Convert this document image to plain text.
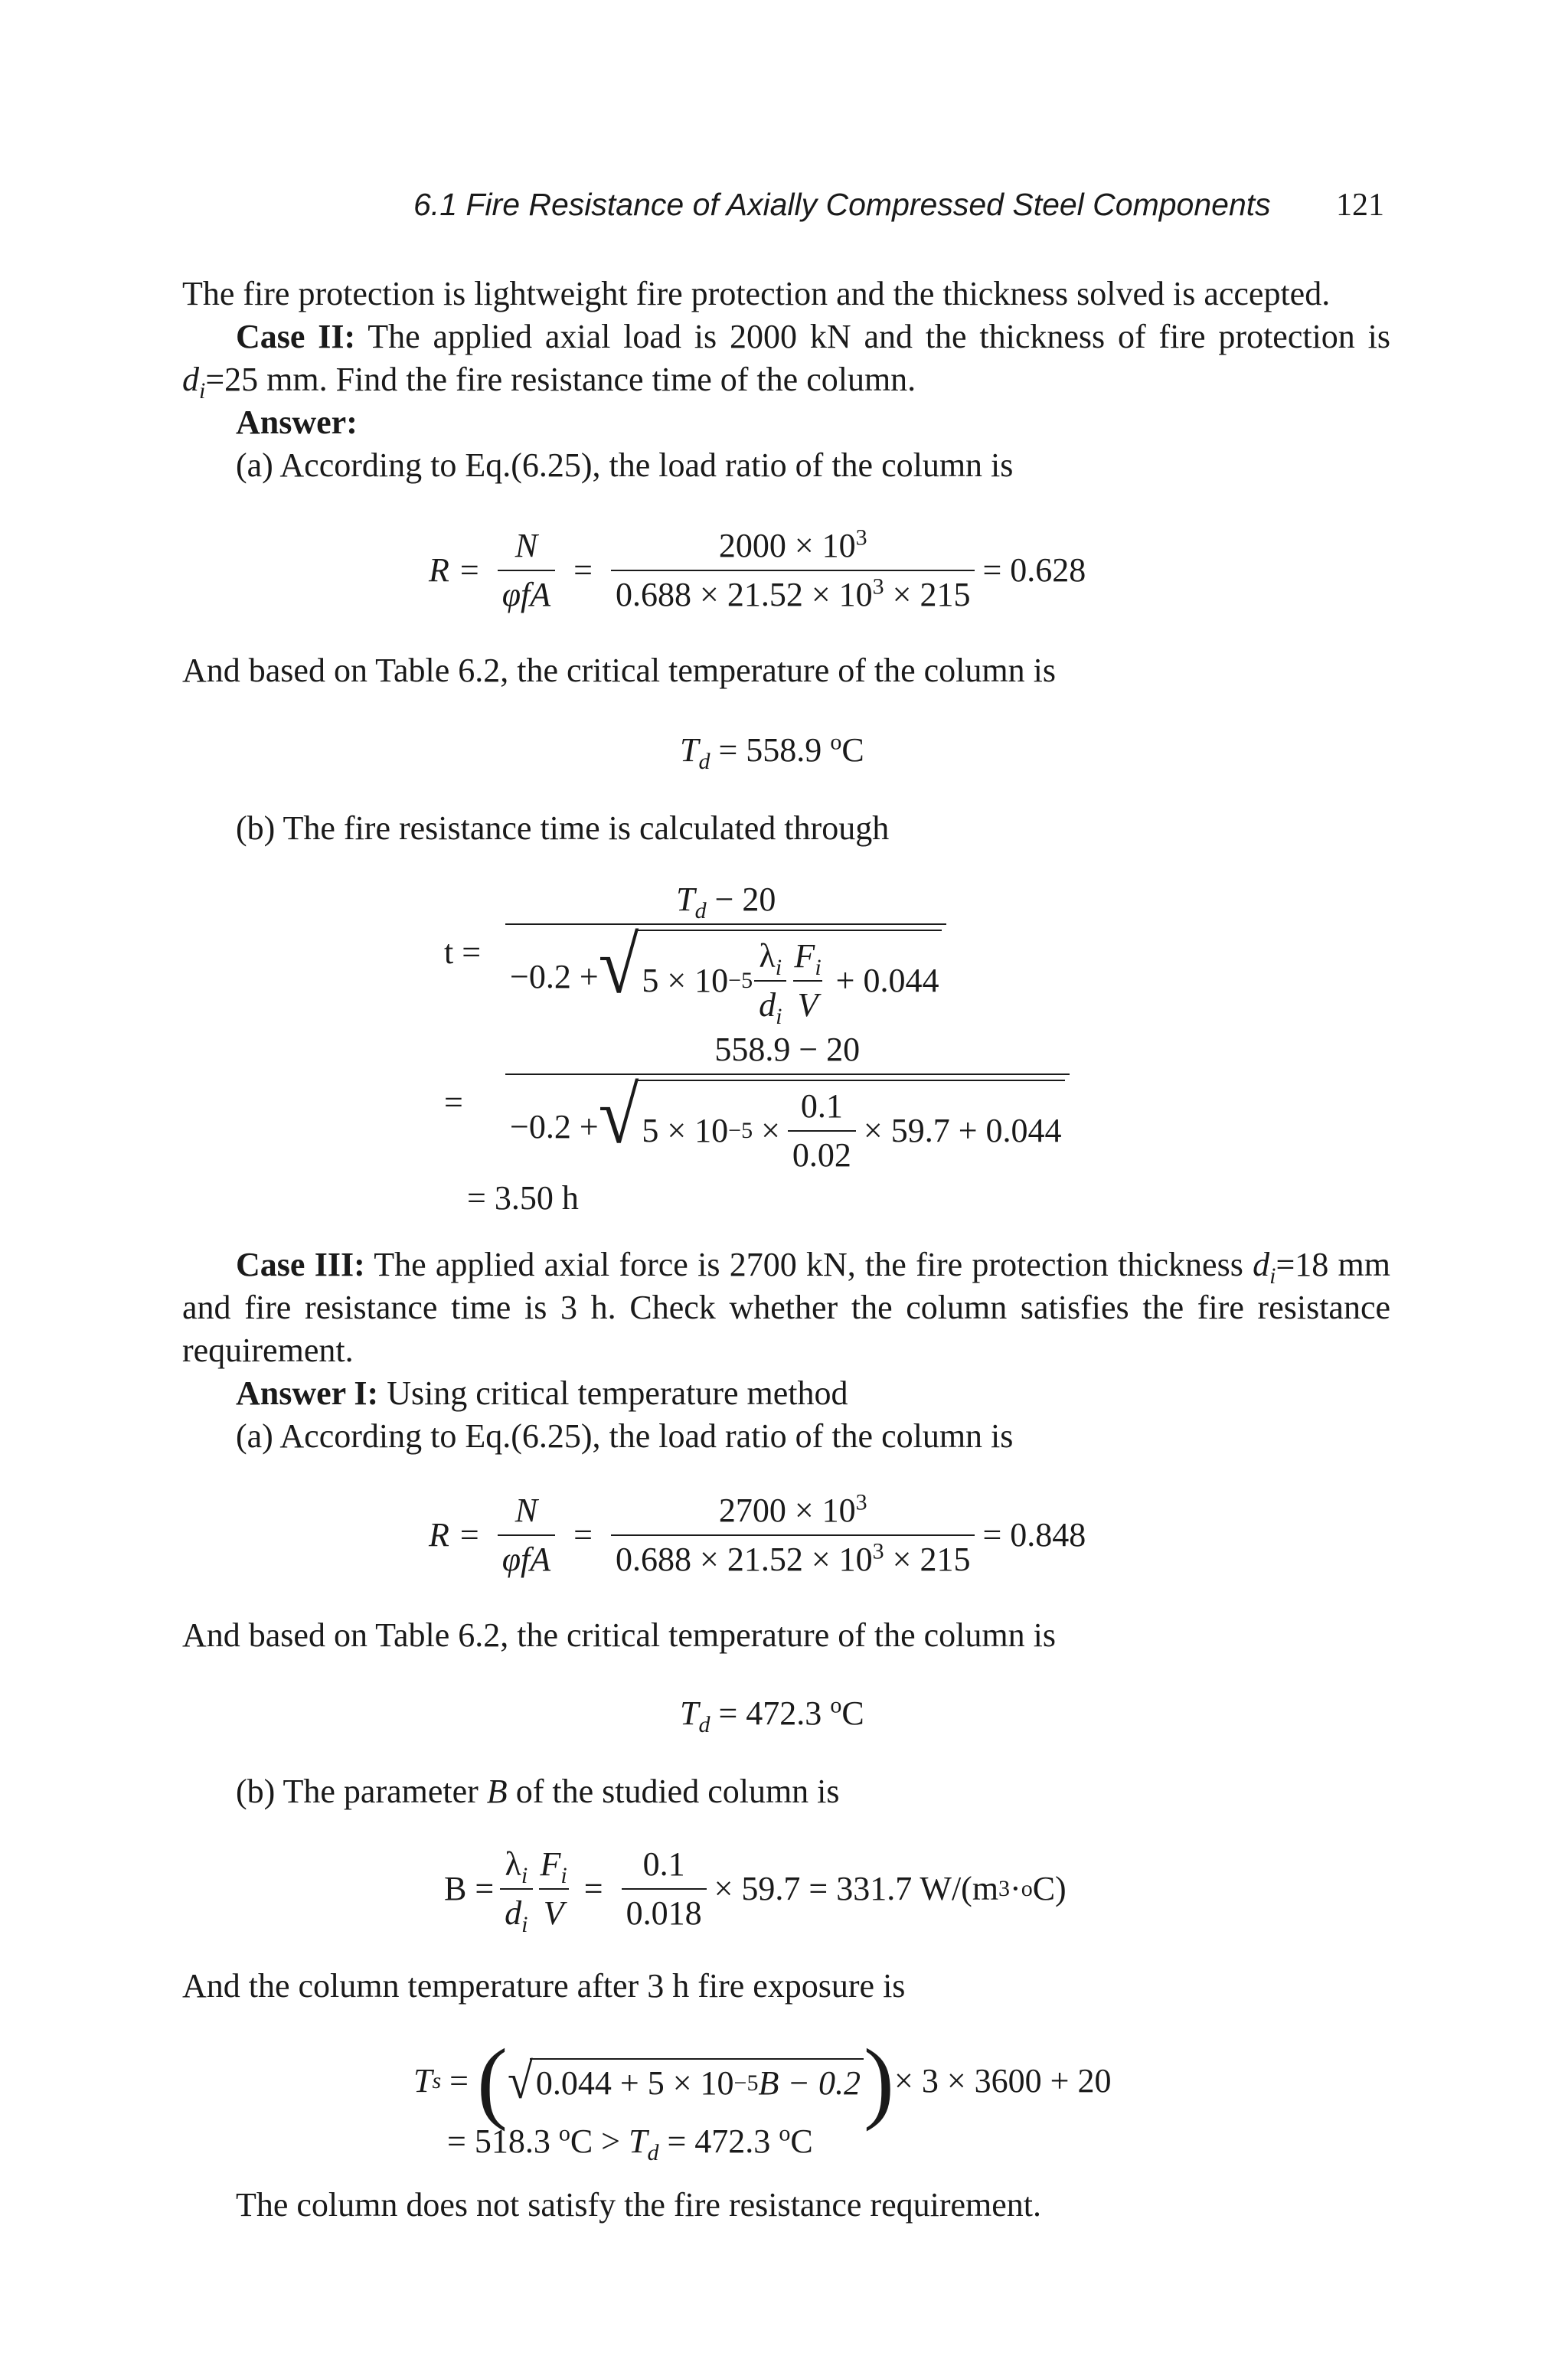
6.1 Fire Resistance of Axially Compressed Steel Components 121

The fire protection is lightweight fire protection and the thickness solved is accepted.

Case II: The applied axial load is 2000 kN and the thickness of fire protection is $d_i=25$ mm. Find the fire resistance time of the column.

Answer:
(a) According to Eq.(6.25), the load ratio of the column is
$R = \frac{N}{\text{φfA}} = \frac{2000 \times 10^3}{0.688 \times 21.52 \times 10^3 \times 215} = 0.628$

And based on Table 6.2, the critical temperature of the column is

$T_d = 558.9$ $^o$C
(b) The fire resistance time is calculated through
t =
$T_d - 20$
−0.2 + √ $5 \times 10 -5 \frac{\lambda_i}{d_i} \frac{F_i}{V}$
+ 0.044
=
558.9 − 20
−0.2 + √ $5 \times 10 -5 \times \frac{0.1}{0.02} \times 59.7 + 0.044$
= 3.50 h

Case III: The applied axial force is 2700 kN, the fire protection thickness $d_i=18$ mm and fire resistance time is 3 h. Check whether the column satisfies the fire resistance requirement.

Answer I: Using critical temperature method
(a) According to Eq.(6.25), the load ratio of the column is
$R = \frac{N}{\text{φfA}} = \frac{2700 \times 10^3}{0.688 \times 21.52 \times 10^3 \times 215} = 0.848$

And based on Table 6.2, the critical temperature of the column is

$T_d = 472.3$ $^o$C
(b) The parameter B of the studied column is
$B = \frac{\lambda_i}{d_i} \frac{F_i}{V} = \frac{0.1}{0.018} \times 59.7 = 331.7$ W/(m 3 · o C)

And the column temperature after 3 h fire exposure is

T s = ( √ 0.044 + 5 × 10 −5 B − 0.2 ) × 3 × 3600 + 20
= 518.3 $^oC > T_d = 472.3$ $^o$C
The column does not satisfy the fire resistance requirement.
